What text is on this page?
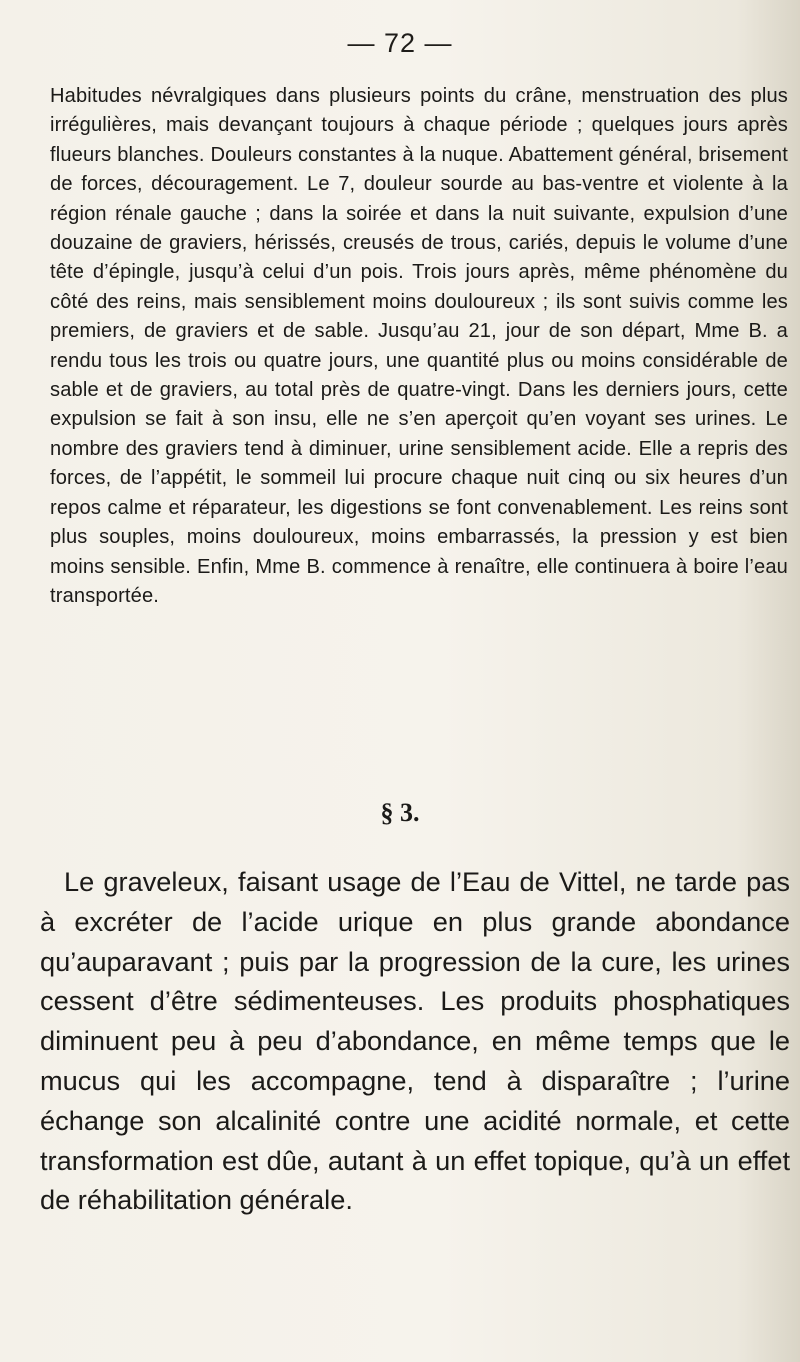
— 72 —

Habitudes névralgiques dans plusieurs points du crâne, menstruation des plus irrégulières, mais devançant toujours à chaque période ; quelques jours après flueurs blanches. Douleurs constantes à la nuque. Abattement général, brisement de forces, découragement. Le 7, douleur sourde au bas-ventre et violente à la région rénale gauche ; dans la soirée et dans la nuit suivante, expulsion d’une douzaine de graviers, hérissés, creusés de trous, cariés, depuis le volume d’une tête d’épingle, jusqu’à celui d’un pois. Trois jours après, même phénomène du côté des reins, mais sensiblement moins douloureux ; ils sont suivis comme les premiers, de graviers et de sable. Jusqu’au 21, jour de son départ, Mme B. a rendu tous les trois ou quatre jours, une quantité plus ou moins considérable de sable et de graviers, au total près de quatre-vingt. Dans les derniers jours, cette expulsion se fait à son insu, elle ne s’en aperçoit qu’en voyant ses urines. Le nombre des graviers tend à diminuer, urine sensiblement acide. Elle a repris des forces, de l’appétit, le sommeil lui procure chaque nuit cinq ou six heures d’un repos calme et réparateur, les digestions se font convenablement. Les reins sont plus souples, moins douloureux, moins embarrassés, la pression y est bien moins sensible. Enfin, Mme B. commence à renaître, elle continuera à boire l’eau transportée.

§ 3.

Le graveleux, faisant usage de l’Eau de Vittel, ne tarde pas à excréter de l’acide urique en plus grande abondance qu’auparavant ; puis par la progression de la cure, les urines cessent d’être sédimenteuses. Les produits phosphatiques diminuent peu à peu d’abondance, en même temps que le mucus qui les accompagne, tend à disparaître ; l’urine échange son alcalinité contre une acidité normale, et cette transformation est dûe, autant à un effet topique, qu’à un effet de réhabilitation générale.
